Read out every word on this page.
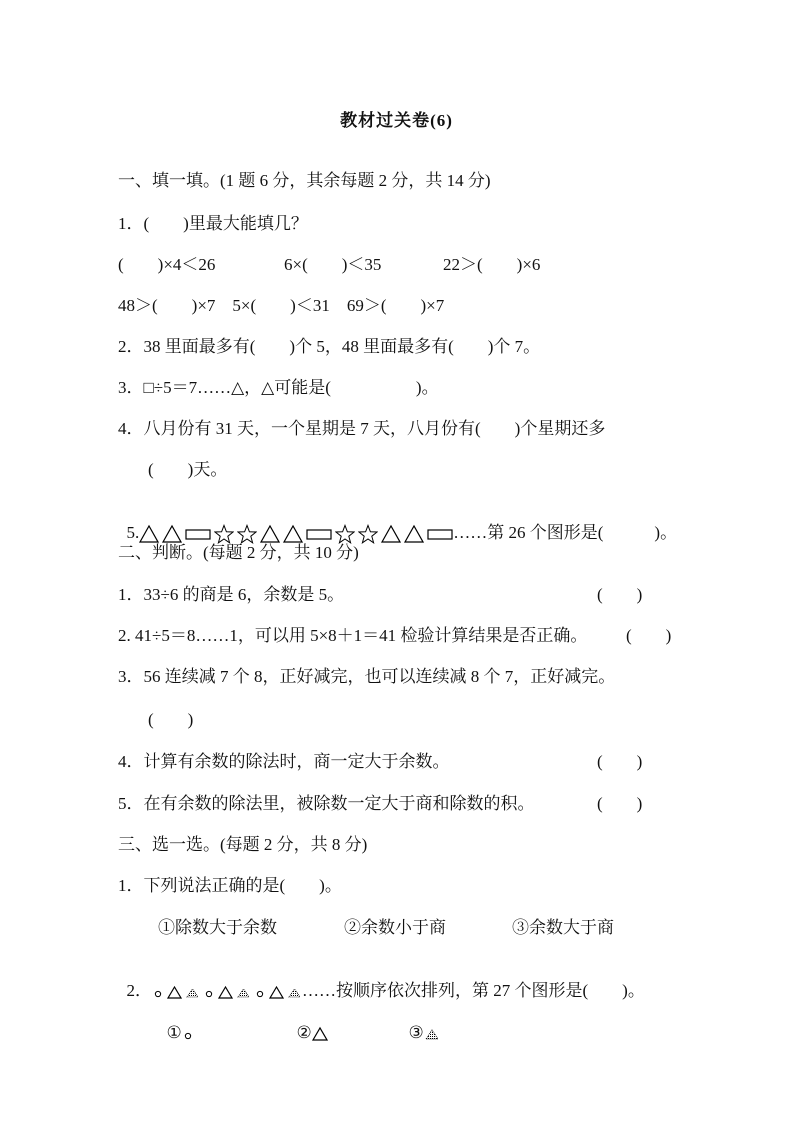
教材过关卷(6)
一、填一填。(1 题 6 分，其余每题 2 分，共 14 分)
1．(　　)里最大能填几？
(　　)×4＜26	6×(　　)＜35	22＞(　　)×6
48＞(　　)×7　5×(　　)＜31　69＞(　　)×7
2．38 里面最多有(　　)个 5，48 里面最多有(　　)个 7。
3．□÷5＝7……△，△可能是(　　　　　)。
4．八月份有 31 天，一个星期是 7 天，八月份有(　　)个星期还多
(　　)天。

5.	……第 26 个图形是(　　　)。

二、判断。(每题 2 分，共 10 分)
1．33÷6 的商是 6，余数是 5。	(　　)
2. 41÷5＝8……1，可以用 5×8＋1＝41 检验计算结果是否正确。 (　　)
3．56 连续减 7 个 8，正好减完，也可以连续减 8 个 7，正好减完。
(　　)
4．计算有余数的除法时，商一定大于余数。	(　　)
5．在有余数的除法里，被除数一定大于商和除数的积。	(　　)
三、选一选。(每题 2 分，共 8 分)
1．下列说法正确的是(　　)。
①除数大于余数	②余数小于商	③余数大于商

2．	……按顺序依次排列，第 27 个图形是(　　)。

①	②	③
